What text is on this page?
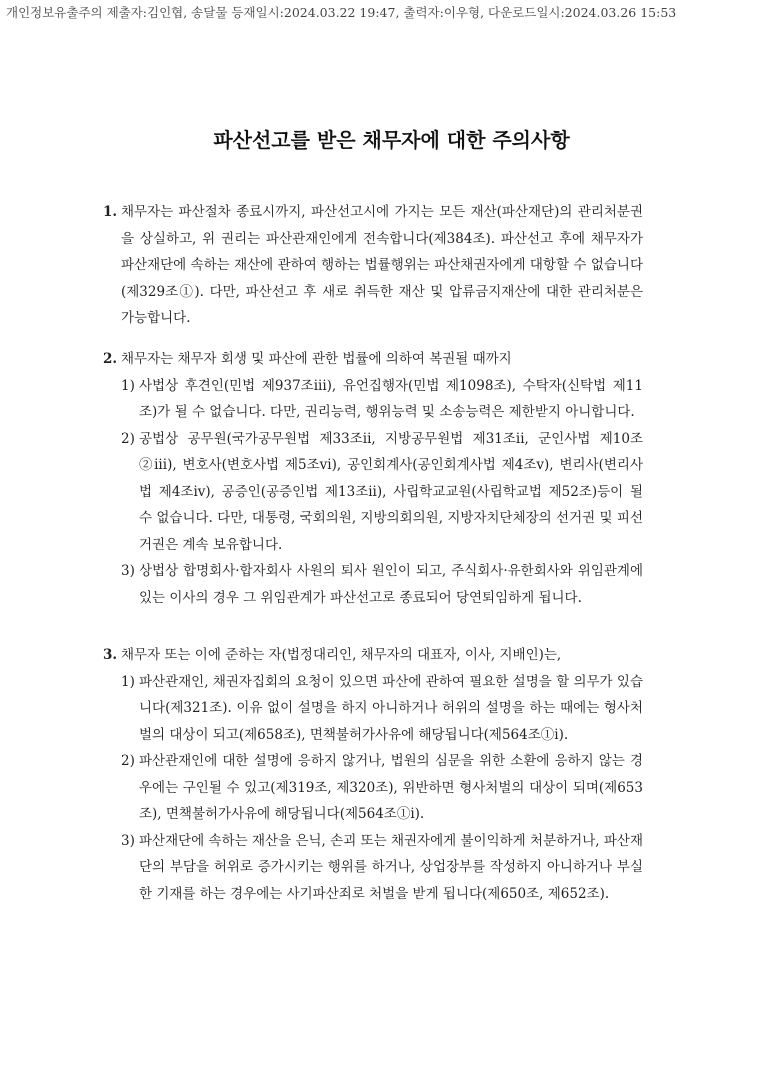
개인정보유출주의 제출자:김인협, 송달물 등재일시:2024.03.22 19:47, 출력자:이우형, 다운로드일시:2024.03.26 15:53
파산선고를 받은 채무자에 대한 주의사항
1. 채무자는 파산절차 종료시까지, 파산선고시에 가지는 모든 재산(파산재단)의 관리처분권을 상실하고, 위 권리는 파산관재인에게 전속합니다(제384조). 파산선고 후에 채무자가 파산재단에 속하는 재산에 관하여 행하는 법률행위는 파산채권자에게 대항할 수 없습니다(제329조①). 다만, 파산선고 후 새로 취득한 재산 및 압류금지재산에 대한 관리처분은 가능합니다.
2. 채무자는 채무자 회생 및 파산에 관한 법률에 의하여 복권될 때까지
1) 사법상 후견인(민법 제937조iii), 유언집행자(민법 제1098조), 수탁자(신탁법 제11조)가 될 수 없습니다. 다만, 권리능력, 행위능력 및 소송능력은 제한받지 아니합니다.
2) 공법상 공무원(국가공무원법 제33조ii, 지방공무원법 제31조ii, 군인사법 제10조②iii), 변호사(변호사법 제5조vi), 공인회계사(공인회계사법 제4조v), 변리사(변리사법 제4조iv), 공증인(공증인법 제13조ii), 사립학교교원(사립학교법 제52조)등이 될 수 없습니다. 다만, 대통령, 국회의원, 지방의회의원, 지방자치단체장의 선거권 및 피선거권은 계속 보유합니다.
3) 상법상 합명회사·합자회사 사원의 퇴사 원인이 되고, 주식회사·유한회사와 위임관계에 있는 이사의 경우 그 위임관계가 파산선고로 종료되어 당연퇴임하게 됩니다.
3. 채무자 또는 이에 준하는 자(법정대리인, 채무자의 대표자, 이사, 지배인)는,
1) 파산관재인, 채권자집회의 요청이 있으면 파산에 관하여 필요한 설명을 할 의무가 있습니다(제321조). 이유 없이 설명을 하지 아니하거나 허위의 설명을 하는 때에는 형사처벌의 대상이 되고(제658조), 면책불허가사유에 해당됩니다(제564조①i).
2) 파산관재인에 대한 설명에 응하지 않거나, 법원의 심문을 위한 소환에 응하지 않는 경우에는 구인될 수 있고(제319조, 제320조), 위반하면 형사처벌의 대상이 되며(제653조), 면책불허가사유에 해당됩니다(제564조①i).
3) 파산재단에 속하는 재산을 은닉, 손괴 또는 채권자에게 불이익하게 처분하거나, 파산재단의 부담을 허위로 증가시키는 행위를 하거나, 상업장부를 작성하지 아니하거나 부실한 기재를 하는 경우에는 사기파산죄로 처벌을 받게 됩니다(제650조, 제652조).
